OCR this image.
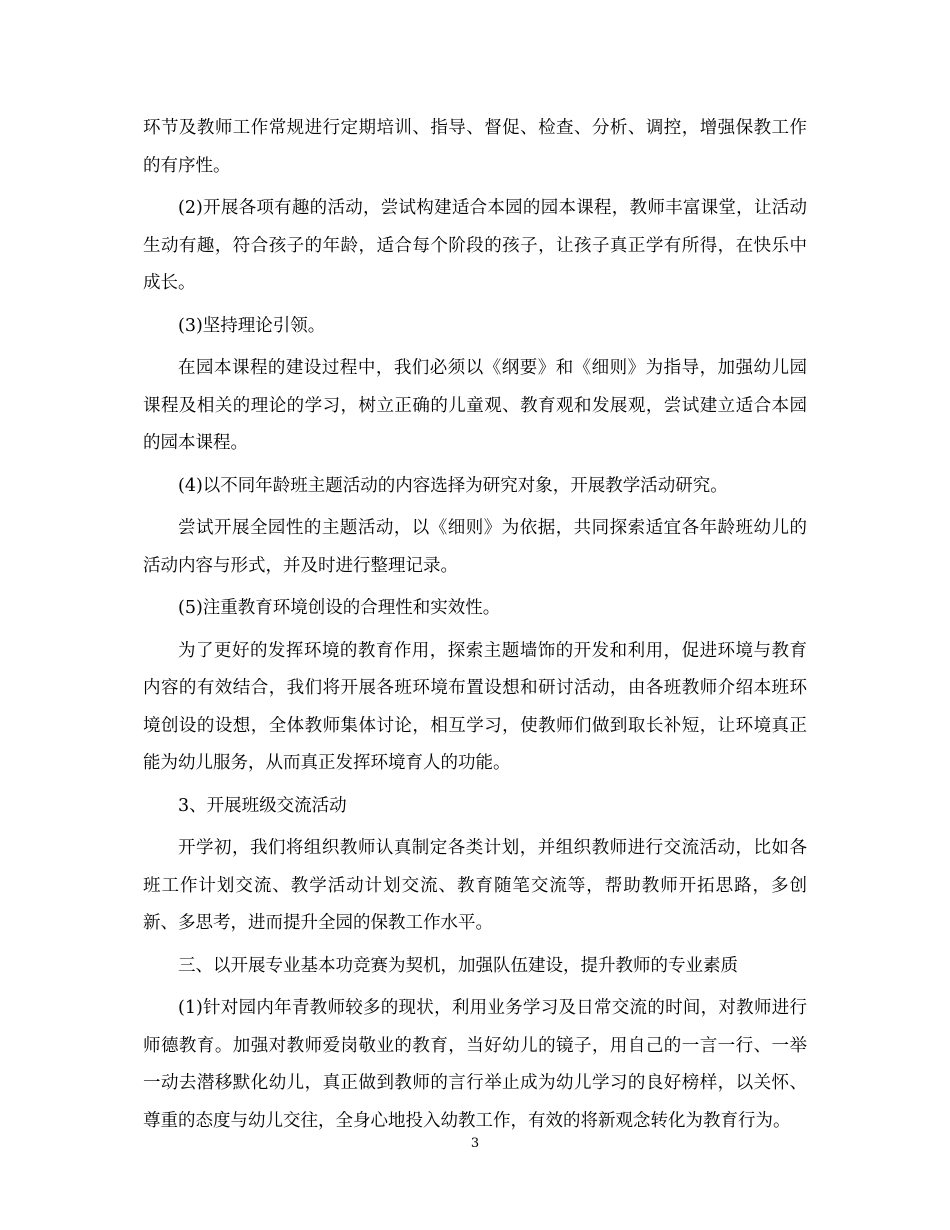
环节及教师工作常规进行定期培训、指导、督促、检查、分析、调控，增强保教工作的有序性。

(2)开展各项有趣的活动，尝试构建适合本园的园本课程，教师丰富课堂，让活动生动有趣，符合孩子的年龄，适合每个阶段的孩子，让孩子真正学有所得，在快乐中成长。

(3)坚持理论引领。

在园本课程的建设过程中，我们必须以《纲要》和《细则》为指导，加强幼儿园课程及相关的理论的学习，树立正确的儿童观、教育观和发展观，尝试建立适合本园的园本课程。

(4)以不同年龄班主题活动的内容选择为研究对象，开展教学活动研究。

尝试开展全园性的主题活动，以《细则》为依据，共同探索适宜各年龄班幼儿的活动内容与形式，并及时进行整理记录。

(5)注重教育环境创设的合理性和实效性。

为了更好的发挥环境的教育作用，探索主题墙饰的开发和利用，促进环境与教育内容的有效结合，我们将开展各班环境布置设想和研讨活动，由各班教师介绍本班环境创设的设想，全体教师集体讨论，相互学习，使教师们做到取长补短，让环境真正能为幼儿服务，从而真正发挥环境育人的功能。

3、开展班级交流活动

开学初，我们将组织教师认真制定各类计划，并组织教师进行交流活动，比如各班工作计划交流、教学活动计划交流、教育随笔交流等，帮助教师开拓思路，多创新、多思考，进而提升全园的保教工作水平。

三、以开展专业基本功竞赛为契机，加强队伍建设，提升教师的专业素质

(1)针对园内年青教师较多的现状，利用业务学习及日常交流的时间，对教师进行师德教育。加强对教师爱岗敬业的教育，当好幼儿的镜子，用自己的一言一行、一举一动去潜移默化幼儿，真正做到教师的言行举止成为幼儿学习的良好榜样，以关怀、尊重的态度与幼儿交往，全身心地投入幼教工作，有效的将新观念转化为教育行为。

3
